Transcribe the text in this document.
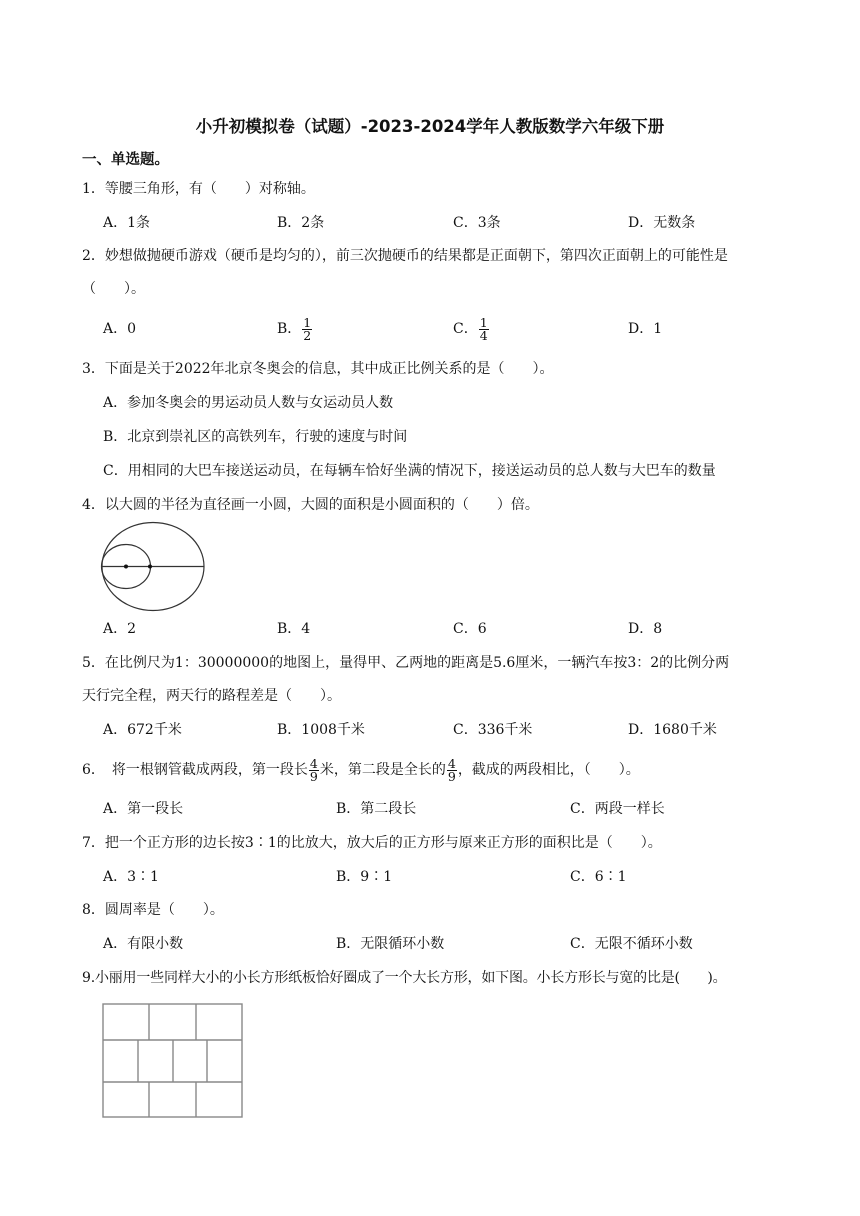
小升初模拟卷（试题）-2023-2024学年人教版数学六年级下册
一、单选题。
1．等腰三角形，有（　　）对称轴。
A．1条	B．2条	C．3条	D．无数条
2．妙想做抛硬币游戏（硬币是均匀的），前三次抛硬币的结果都是正面朝下，第四次正面朝上的可能性是
（　　）。
A．0	B． $\frac{1}{2}$	C． $\frac{1}{4}$	D．1
3．下面是关于2022年北京冬奥会的信息，其中成正比例关系的是（　　）。
A．参加冬奥会的男运动员人数与女运动员人数
B．北京到崇礼区的高铁列车，行驶的速度与时间
C．用相同的大巴车接送运动员，在每辆车恰好坐满的情况下，接送运动员的总人数与大巴车的数量
4．以大圆的半径为直径画一小圆，大圆的面积是小圆面积的（　　）倍。
A．2	B．4	C．6	D．8
5．在比例尺为1：30000000的地图上，量得甲、乙两地的距离是5.6厘米，一辆汽车按3：2的比例分两
天行完全程，两天行的路程差是（　　）。
A．672千米	B．1008千米	C．336千米	D．1680千米
6．　将一根钢管截成两段，第一段长 $\frac{4}{9}$ 米，第二段是全长的 $\frac{4}{9}$ ，截成的两段相比，（　　）。
A．第一段长	B．第二段长	C．两段一样长
7．把一个正方形的边长按3∶1的比放大，放大后的正方形与原来正方形的面积比是（　　）。
A．3∶1	B．9∶1	C．6∶1
8．圆周率是（　　）。
A．有限小数	B．无限循环小数	C．无限不循环小数
9.小丽用一些同样大小的小长方形纸板恰好圈成了一个大长方形，如下图。小长方形长与宽的比是(　　)。
